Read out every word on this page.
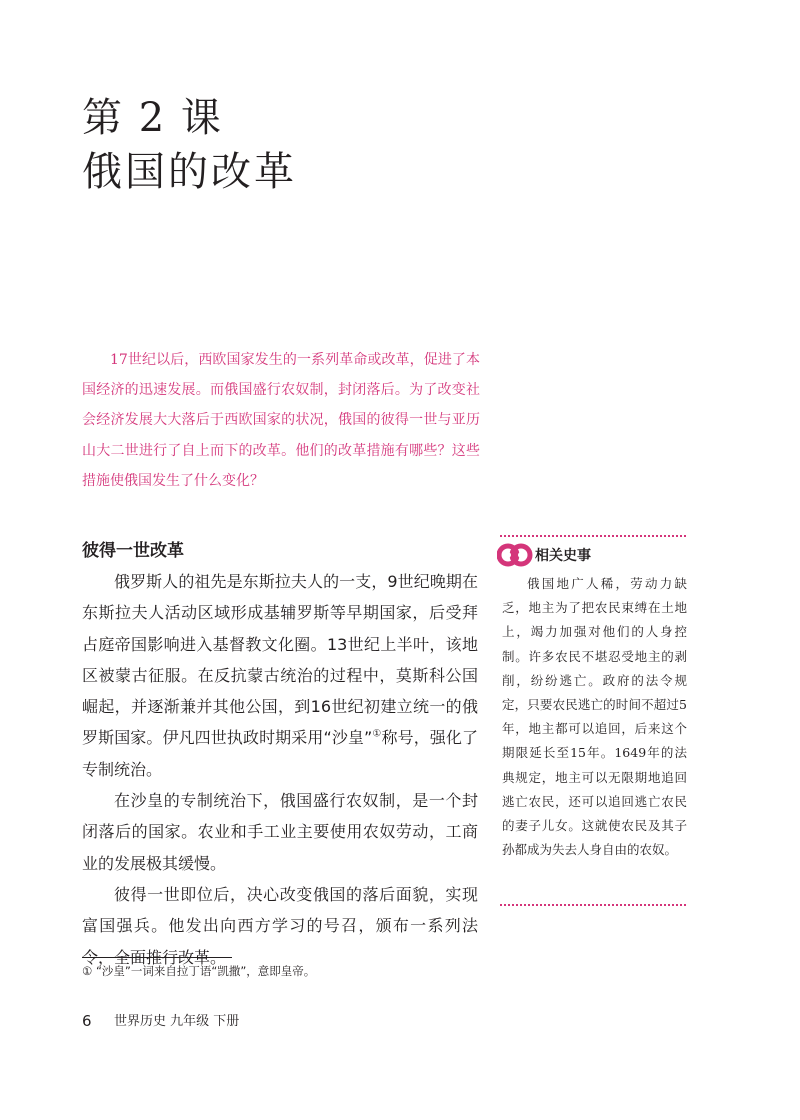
第 2 课
俄国的改革
17世纪以后，西欧国家发生的一系列革命或改革，促进了本国经济的迅速发展。而俄国盛行农奴制，封闭落后。为了改变社会经济发展大大落后于西欧国家的状况，俄国的彼得一世与亚历山大二世进行了自上而下的改革。他们的改革措施有哪些？这些措施使俄国发生了什么变化？
彼得一世改革

俄罗斯人的祖先是东斯拉夫人的一支，9世纪晚期在东斯拉夫人活动区域形成基辅罗斯等早期国家，后受拜占庭帝国影响进入基督教文化圈。13世纪上半叶，该地区被蒙古征服。在反抗蒙古统治的过程中，莫斯科公国崛起，并逐渐兼并其他公国，到16世纪初建立统一的俄罗斯国家。伊凡四世执政时期采用“沙皇”①称号，强化了专制统治。

在沙皇的专制统治下，俄国盛行农奴制，是一个封闭落后的国家。农业和手工业主要使用农奴劳动，工商业的发展极其缓慢。

彼得一世即位后，决心改变俄国的落后面貌，实现富国强兵。他发出向西方学习的号召，颁布一系列法令，全面推行改革。

① “沙皇”一词来自拉丁语“凯撒”，意即皇帝。
6 世界历史 九年级 下册
相关史事
俄国地广人稀，劳动力缺乏，地主为了把农民束缚在土地上，竭力加强对他们的人身控制。许多农民不堪忍受地主的剥削，纷纷逃亡。政府的法令规定，只要农民逃亡的时间不超过5年，地主都可以追回，后来这个期限延长至15年。1649年的法典规定，地主可以无限期地追回逃亡农民，还可以追回逃亡农民的妻子儿女。这就使农民及其子孙都成为失去人身自由的农奴。
